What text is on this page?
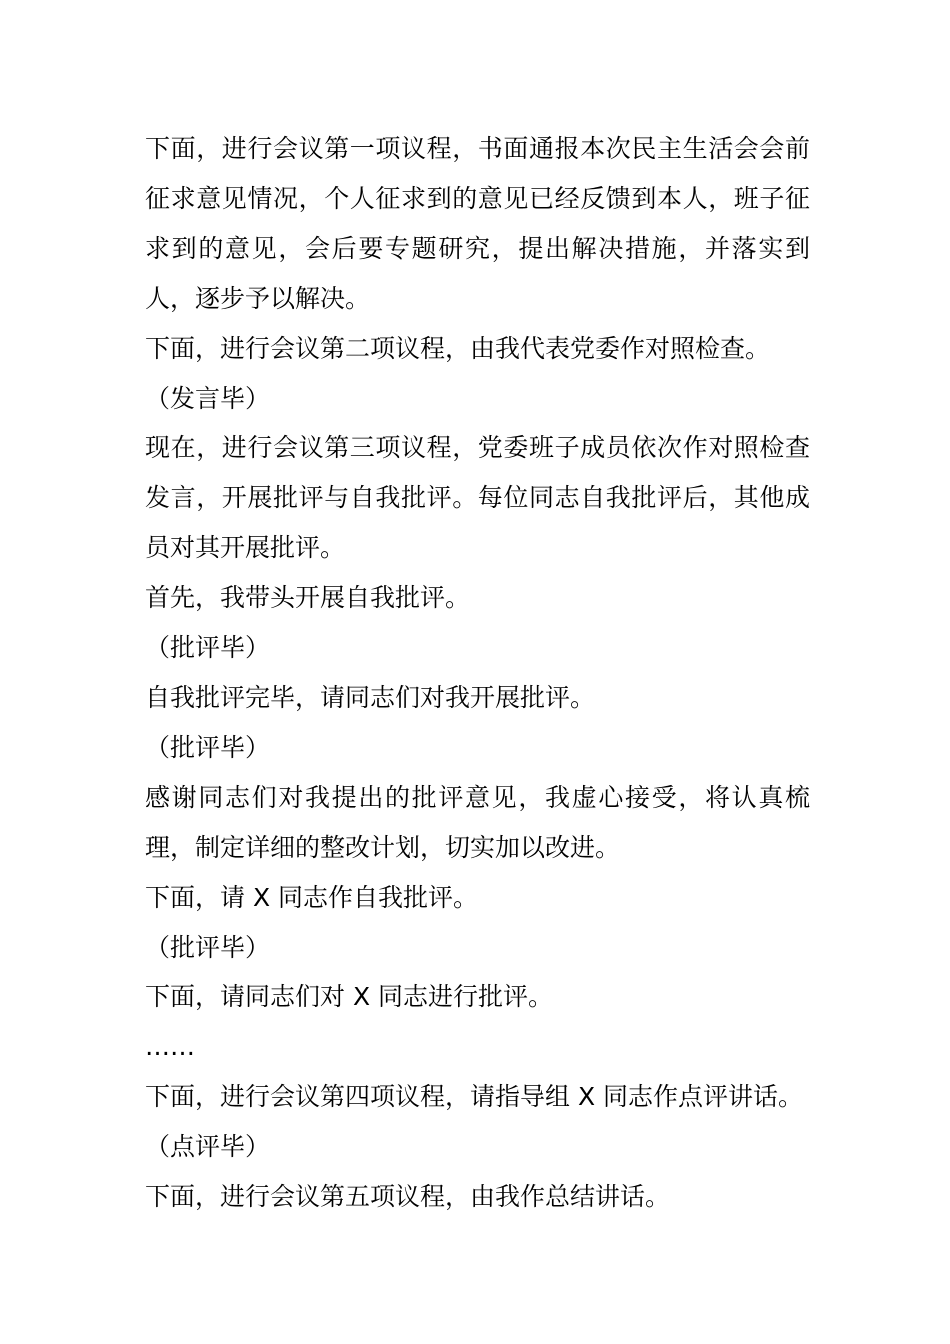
下面，进行会议第一项议程，书面通报本次民主生活会会前征求意见情况，个人征求到的意见已经反馈到本人，班子征求到的意见，会后要专题研究，提出解决措施，并落实到人，逐步予以解决。

下面，进行会议第二项议程，由我代表党委作对照检查。

（发言毕）

现在，进行会议第三项议程，党委班子成员依次作对照检查发言，开展批评与自我批评。每位同志自我批评后，其他成员对其开展批评。

首先，我带头开展自我批评。

（批评毕）

自我批评完毕，请同志们对我开展批评。

（批评毕）

感谢同志们对我提出的批评意见，我虚心接受，将认真梳理，制定详细的整改计划，切实加以改进。

下面，请 X 同志作自我批评。

（批评毕）

下面，请同志们对 X 同志进行批评。

……

下面，进行会议第四项议程，请指导组 X 同志作点评讲话。

（点评毕）

下面，进行会议第五项议程，由我作总结讲话。
